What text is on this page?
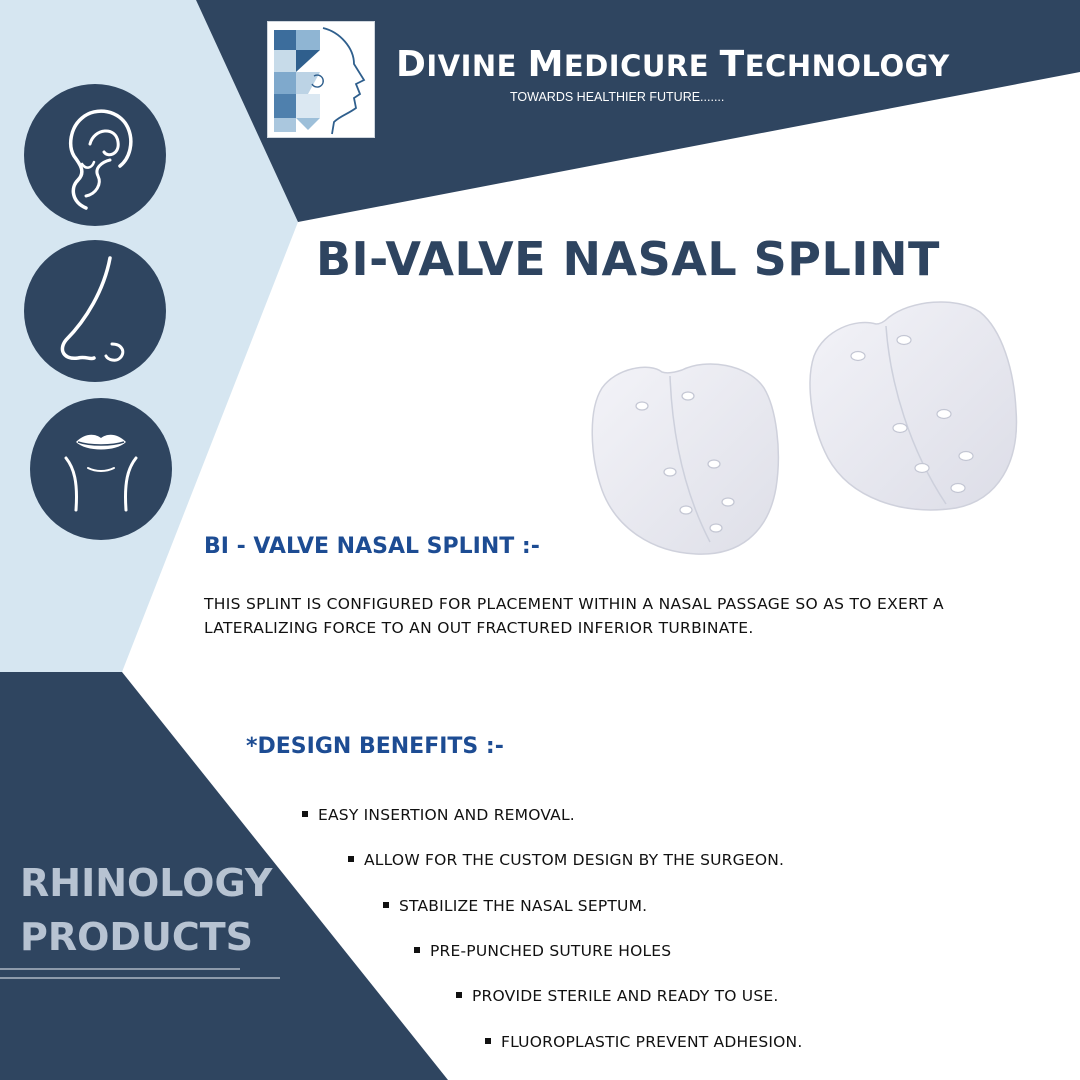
DIVINE MEDICURE TECHNOLOGY
TOWARDS HEALTHIER FUTURE.......
BI-VALVE NASAL SPLINT
BI - VALVE NASAL SPLINT :-
THIS SPLINT IS CONFIGURED FOR PLACEMENT WITHIN A NASAL PASSAGE SO AS TO EXERT A
LATERALIZING FORCE TO AN OUT FRACTURED INFERIOR TURBINATE.
*DESIGN BENEFITS :-
EASY INSERTION AND REMOVAL.
ALLOW FOR THE CUSTOM DESIGN BY THE SURGEON.
STABILIZE THE NASAL SEPTUM.
PRE-PUNCHED SUTURE HOLES
PROVIDE STERILE AND READY TO USE.
FLUOROPLASTIC PREVENT ADHESION.
RHINOLOGY
PRODUCTS
